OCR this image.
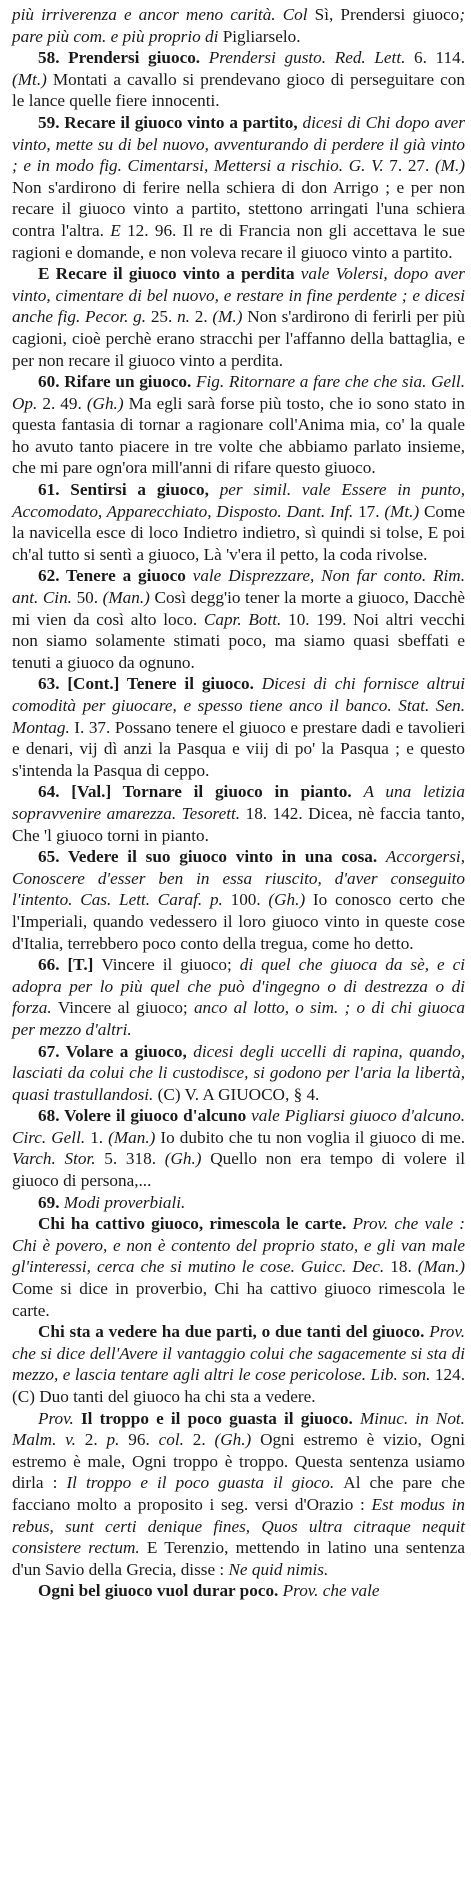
più irriverenza e ancor meno carità. Col Sì, Prendersi giuoco; pare più com. e più proprio di Pigliarselo.

58. Prendersi giuoco. Prendersi gusto. Red. Lett. 6. 114. (Mt.) Montati a cavallo si prendevano gioco di perseguitare con le lance quelle fiere innocenti.

59. Recare il giuoco vinto a partito, dicesi di Chi dopo aver vinto, mette su di bel nuovo, avventurando di perdere il già vinto ; e in modo fig. Cimentarsi, Mettersi a rischio. G. V. 7. 27. (M.) Non s'ardirono di ferire nella schiera di don Arrigo ; e per non recare il giuoco vinto a partito, stettono arringati l'una schiera contra l'altra. E 12. 96. Il re di Francia non gli accettava le sue ragioni e domande, e non voleva recare il giuoco vinto a partito.

E Recare il giuoco vinto a perdita vale Volersi, dopo aver vinto, cimentare di bel nuovo, e restare in fine perdente ; e dicesi anche fig. Pecor. g. 25. n. 2. (M.) Non s'ardirono di ferirli per più cagioni, cioè perchè erano stracchi per l'affanno della battaglia, e per non recare il giuoco vinto a perdita.

60. Rifare un giuoco. Fig. Ritornare a fare che che sia. Gell. Op. 2. 49. (Gh.) Ma egli sarà forse più tosto, che io sono stato in questa fantasia di tornar a ragionare coll'Anima mia, co' la quale ho avuto tanto piacere in tre volte che abbiamo parlato insieme, che mi pare ogn'ora mill'anni di rifare questo giuoco.

61. Sentirsi a giuoco, per simil. vale Essere in punto, Accomodato, Apparecchiato, Disposto. Dant. Inf. 17. (Mt.) Come la navicella esce di loco Indietro indietro, sì quindi si tolse, E poi ch'al tutto si sentì a giuoco, Là 'v'era il petto, la coda rivolse.

62. Tenere a giuoco vale Disprezzare, Non far conto. Rim. ant. Cin. 50. (Man.) Così degg'io tener la morte a giuoco, Dacchè mi vien da così alto loco. Capr. Bott. 10. 199. Noi altri vecchi non siamo solamente stimati poco, ma siamo quasi sbeffati e tenuti a giuoco da ognuno.

63. [Cont.] Tenere il giuoco. Dicesi di chi fornisce altrui comodità per giuocare, e spesso tiene anco il banco. Stat. Sen. Montag. I. 37. Possano tenere el giuoco e prestare dadi e tavolieri e denari, vij dì anzi la Pasqua e viij di po' la Pasqua ; e questo s'intenda la Pasqua di ceppo.

64. [Val.] Tornare il giuoco in pianto. A una letizia sopravvenire amarezza. Tesorett. 18. 142. Dicea, nè faccia tanto, Che 'l giuoco torni in pianto.

65. Vedere il suo giuoco vinto in una cosa. Accorgersi, Conoscere d'esser ben in essa riuscito, d'aver conseguito l'intento. Cas. Lett. Caraf. p. 100. (Gh.) Io conosco certo che l'Imperiali, quando vedessero il loro giuoco vinto in queste cose d'Italia, terrebbero poco conto della tregua, come ho detto.

66. [T.] Vincere il giuoco; di quel che giuoca da sè, e ci adopra per lo più quel che può d'ingegno o di destrezza o di forza. Vincere al giuoco; anco al lotto, o sim. ; o di chi giuoca per mezzo d'altri.

67. Volare a giuoco, dicesi degli uccelli di rapina, quando, lasciati da colui che li custodisce, si godono per l'aria la libertà, quasi trastullandosi. (C) V. A GIUOCO, § 4.

68. Volere il giuoco d'alcuno vale Pigliarsi giuoco d'alcuno. Circ. Gell. 1. (Man.) Io dubito che tu non voglia il giuoco di me. Varch. Stor. 5. 318. (Gh.) Quello non era tempo di volere il giuoco di persona,...

69. Modi proverbiali.

Chi ha cattivo giuoco, rimescola le carte. Prov. che vale : Chi è povero, e non è contento del proprio stato, e gli van male gl'interessi, cerca che si mutino le cose. Guicc. Dec. 18. (Man.) Come si dice in proverbio, Chi ha cattivo giuoco rimescola le carte.

Chi sta a vedere ha due parti, o due tanti del giuoco. Prov. che si dice dell'Avere il vantaggio colui che sagacemente si sta di mezzo, e lascia tentare agli altri le cose pericolose. Lib. son. 124. (C) Duo tanti del giuoco ha chi sta a vedere.

Prov. Il troppo e il poco guasta il giuoco. Minuc. in Not. Malm. v. 2. p. 96. col. 2. (Gh.) Ogni estremo è vizio, Ogni estremo è male, Ogni troppo è troppo. Questa sentenza usiamo dirla : Il troppo e il poco guasta il gioco. Al che pare che facciano molto a proposito i seg. versi d'Orazio : Est modus in rebus, sunt certi denique fines, Quos ultra citraque nequit consistere rectum. E Terenzio, mettendo in latino una sentenza d'un Savio della Grecia, disse : Ne quid nimis.

Ogni bel giuoco vuol durar poco. Prov. che vale
